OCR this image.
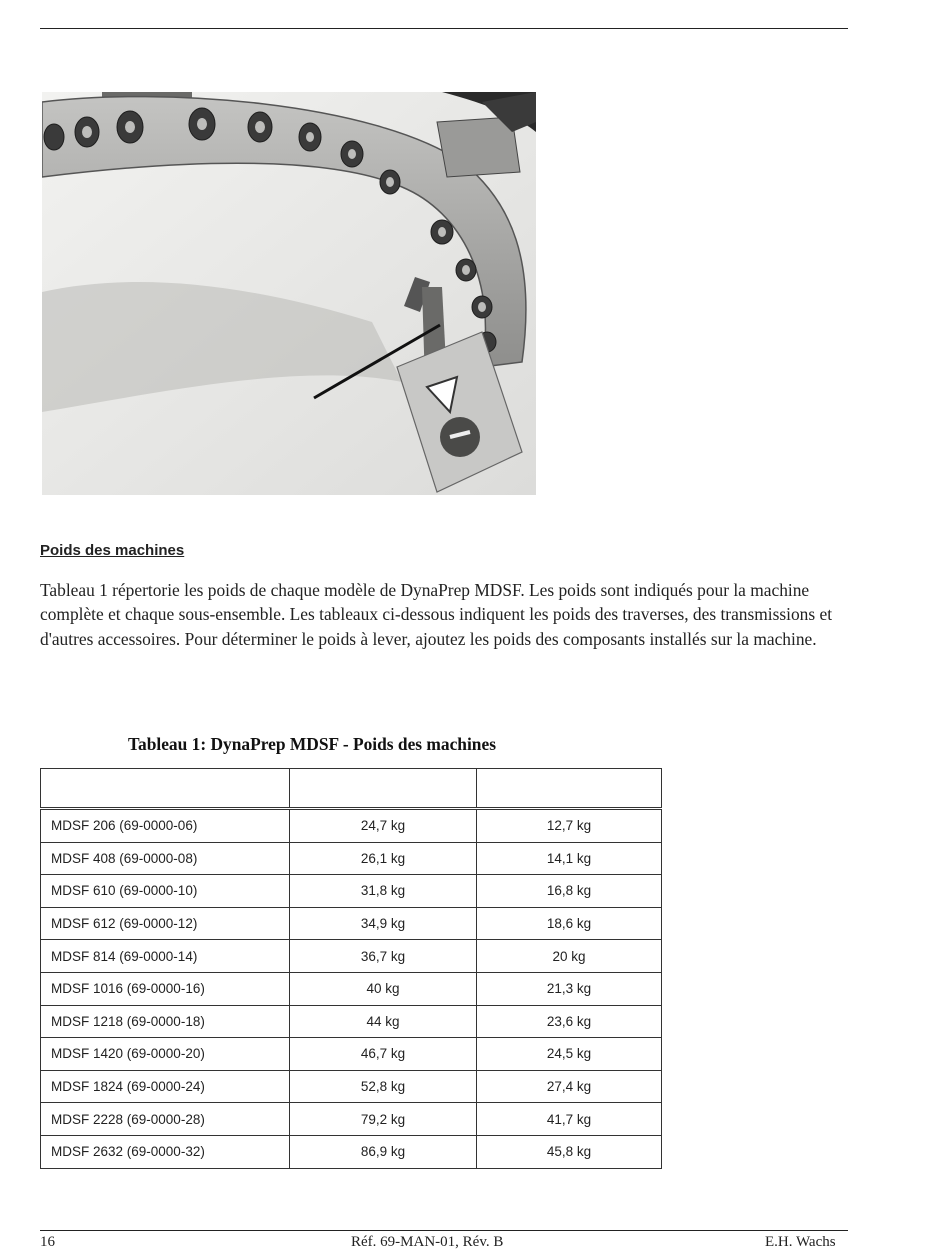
Poids des machines

Tableau 1 répertorie les poids de chaque modèle de DynaPrep MDSF. Les poids sont indiqués pour la machine complète et chaque sous-ensemble. Les tableaux ci-dessous indiquent les poids des traverses, des transmissions et d'autres accessoires. Pour déterminer le poids à lever, ajoutez les poids des composants installés sur la machine.

Tableau 1: DynaPrep MDSF - Poids des machines

MDSF 206 (69-0000-06)	24,7 kg	12,7 kg
MDSF 408 (69-0000-08)	26,1 kg	14,1 kg
MDSF 610 (69-0000-10)	31,8 kg	16,8 kg
MDSF 612 (69-0000-12)	34,9 kg	18,6 kg
MDSF 814 (69-0000-14)	36,7 kg	20 kg
MDSF 1016 (69-0000-16)	40 kg	21,3 kg
MDSF 1218 (69-0000-18)	44 kg	23,6 kg
MDSF 1420 (69-0000-20)	46,7 kg	24,5 kg
MDSF 1824 (69-0000-24)	52,8 kg	27,4 kg
MDSF 2228 (69-0000-28)	79,2 kg	41,7 kg
MDSF 2632 (69-0000-32)	86,9 kg	45,8 kg

16	Réf. 69-MAN-01, Rév. B	E.H. Wachs
